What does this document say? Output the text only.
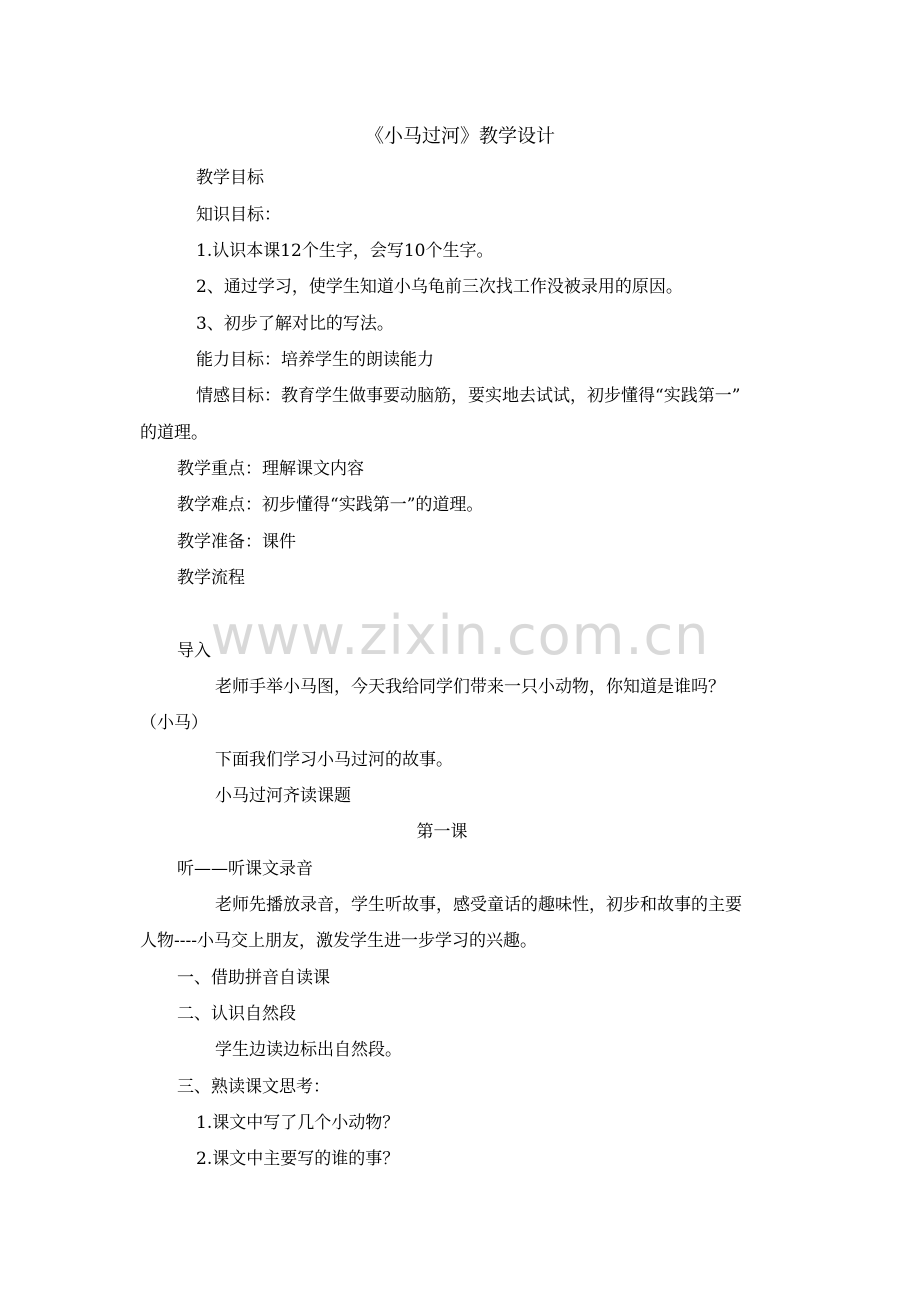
www.zixin.com.cn
《小马过河》教学设计
教学目标
知识目标：
1.认识本课12个生字，会写10个生字。
2、通过学习，使学生知道小乌龟前三次找工作没被录用的原因。
3、初步了解对比的写法。
能力目标：培养学生的朗读能力
情感目标：教育学生做事要动脑筋，要实地去试试，初步懂得“实践第一”
的道理。
教学重点：理解课文内容
教学难点：初步懂得“实践第一”的道理。
教学准备：课件
教学流程
导入
老师手举小马图，今天我给同学们带来一只小动物，你知道是谁吗？
（小马）
下面我们学习小马过河的故事。
小马过河齐读课题
第一课
听——听课文录音
老师先播放录音，学生听故事，感受童话的趣味性，初步和故事的主要
人物----小马交上朋友，激发学生进一步学习的兴趣。
一、借助拼音自读课
二、认识自然段
学生边读边标出自然段。
三、熟读课文思考：
1.课文中写了几个小动物？
2.课文中主要写的谁的事？
